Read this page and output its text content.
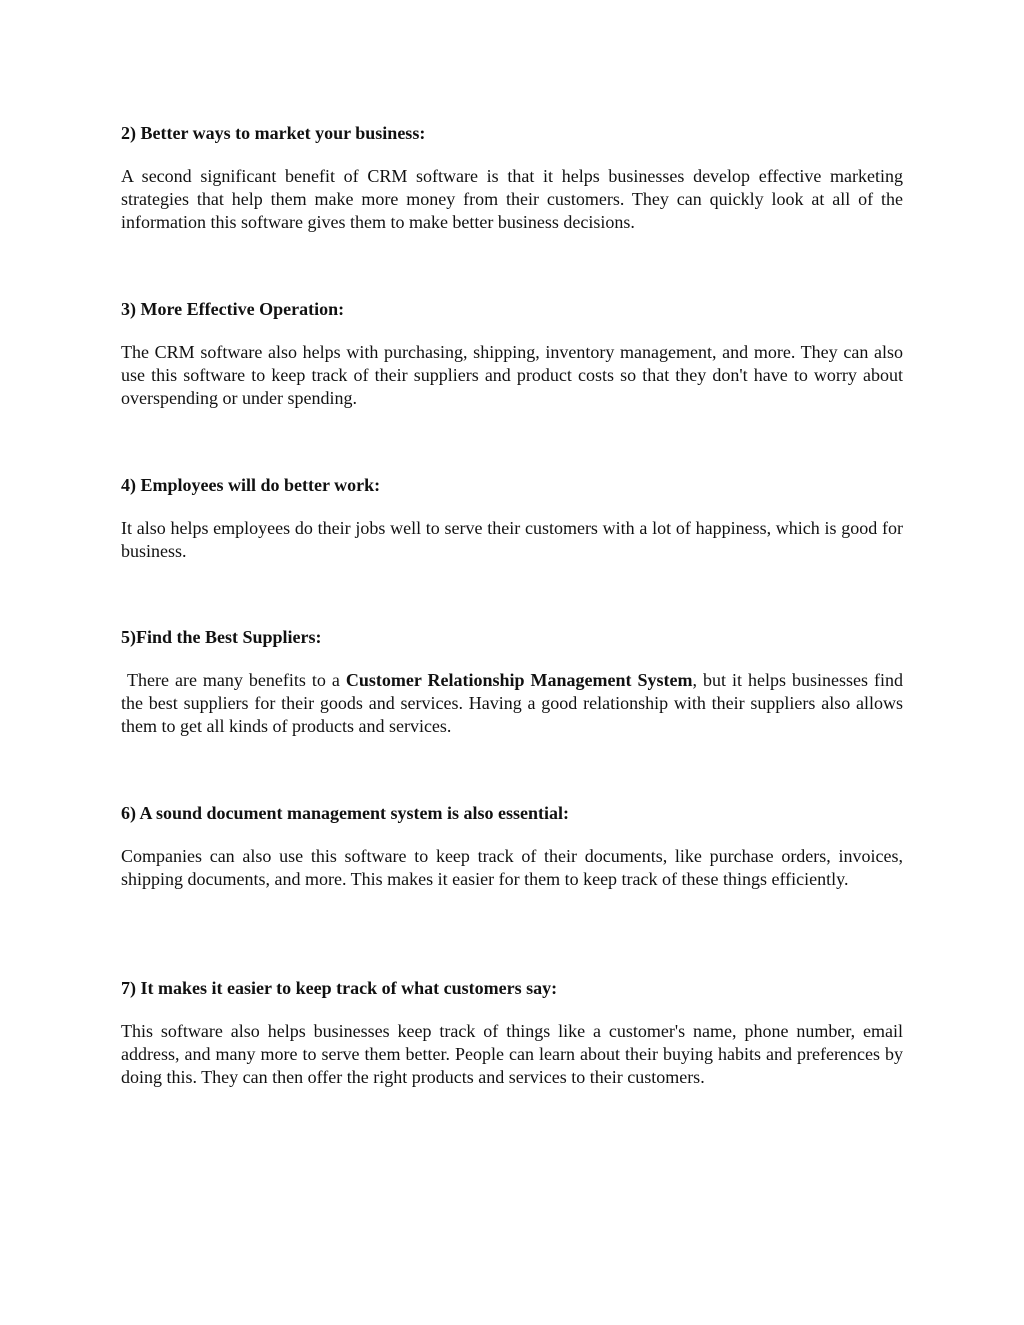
2) Better ways to market your business:

A second significant benefit of CRM software is that it helps businesses develop effective marketing strategies that help them make more money from their customers. They can quickly look at all of the information this software gives them to make better business decisions.

3) More Effective Operation:

The CRM software also helps with purchasing, shipping, inventory management, and more. They can also use this software to keep track of their suppliers and product costs so that they don't have to worry about overspending or under spending.

4) Employees will do better work:

It also helps employees do their jobs well to serve their customers with a lot of happiness, which is good for business.

5)Find the Best Suppliers:

There are many benefits to a Customer Relationship Management System, but it helps businesses find the best suppliers for their goods and services. Having a good relationship with their suppliers also allows them to get all kinds of products and services.

6) A sound document management system is also essential:

Companies can also use this software to keep track of their documents, like purchase orders, invoices, shipping documents, and more. This makes it easier for them to keep track of these things efficiently.

7) It makes it easier to keep track of what customers say:

This software also helps businesses keep track of things like a customer's name, phone number, email address, and many more to serve them better. People can learn about their buying habits and preferences by doing this. They can then offer the right products and services to their customers.
